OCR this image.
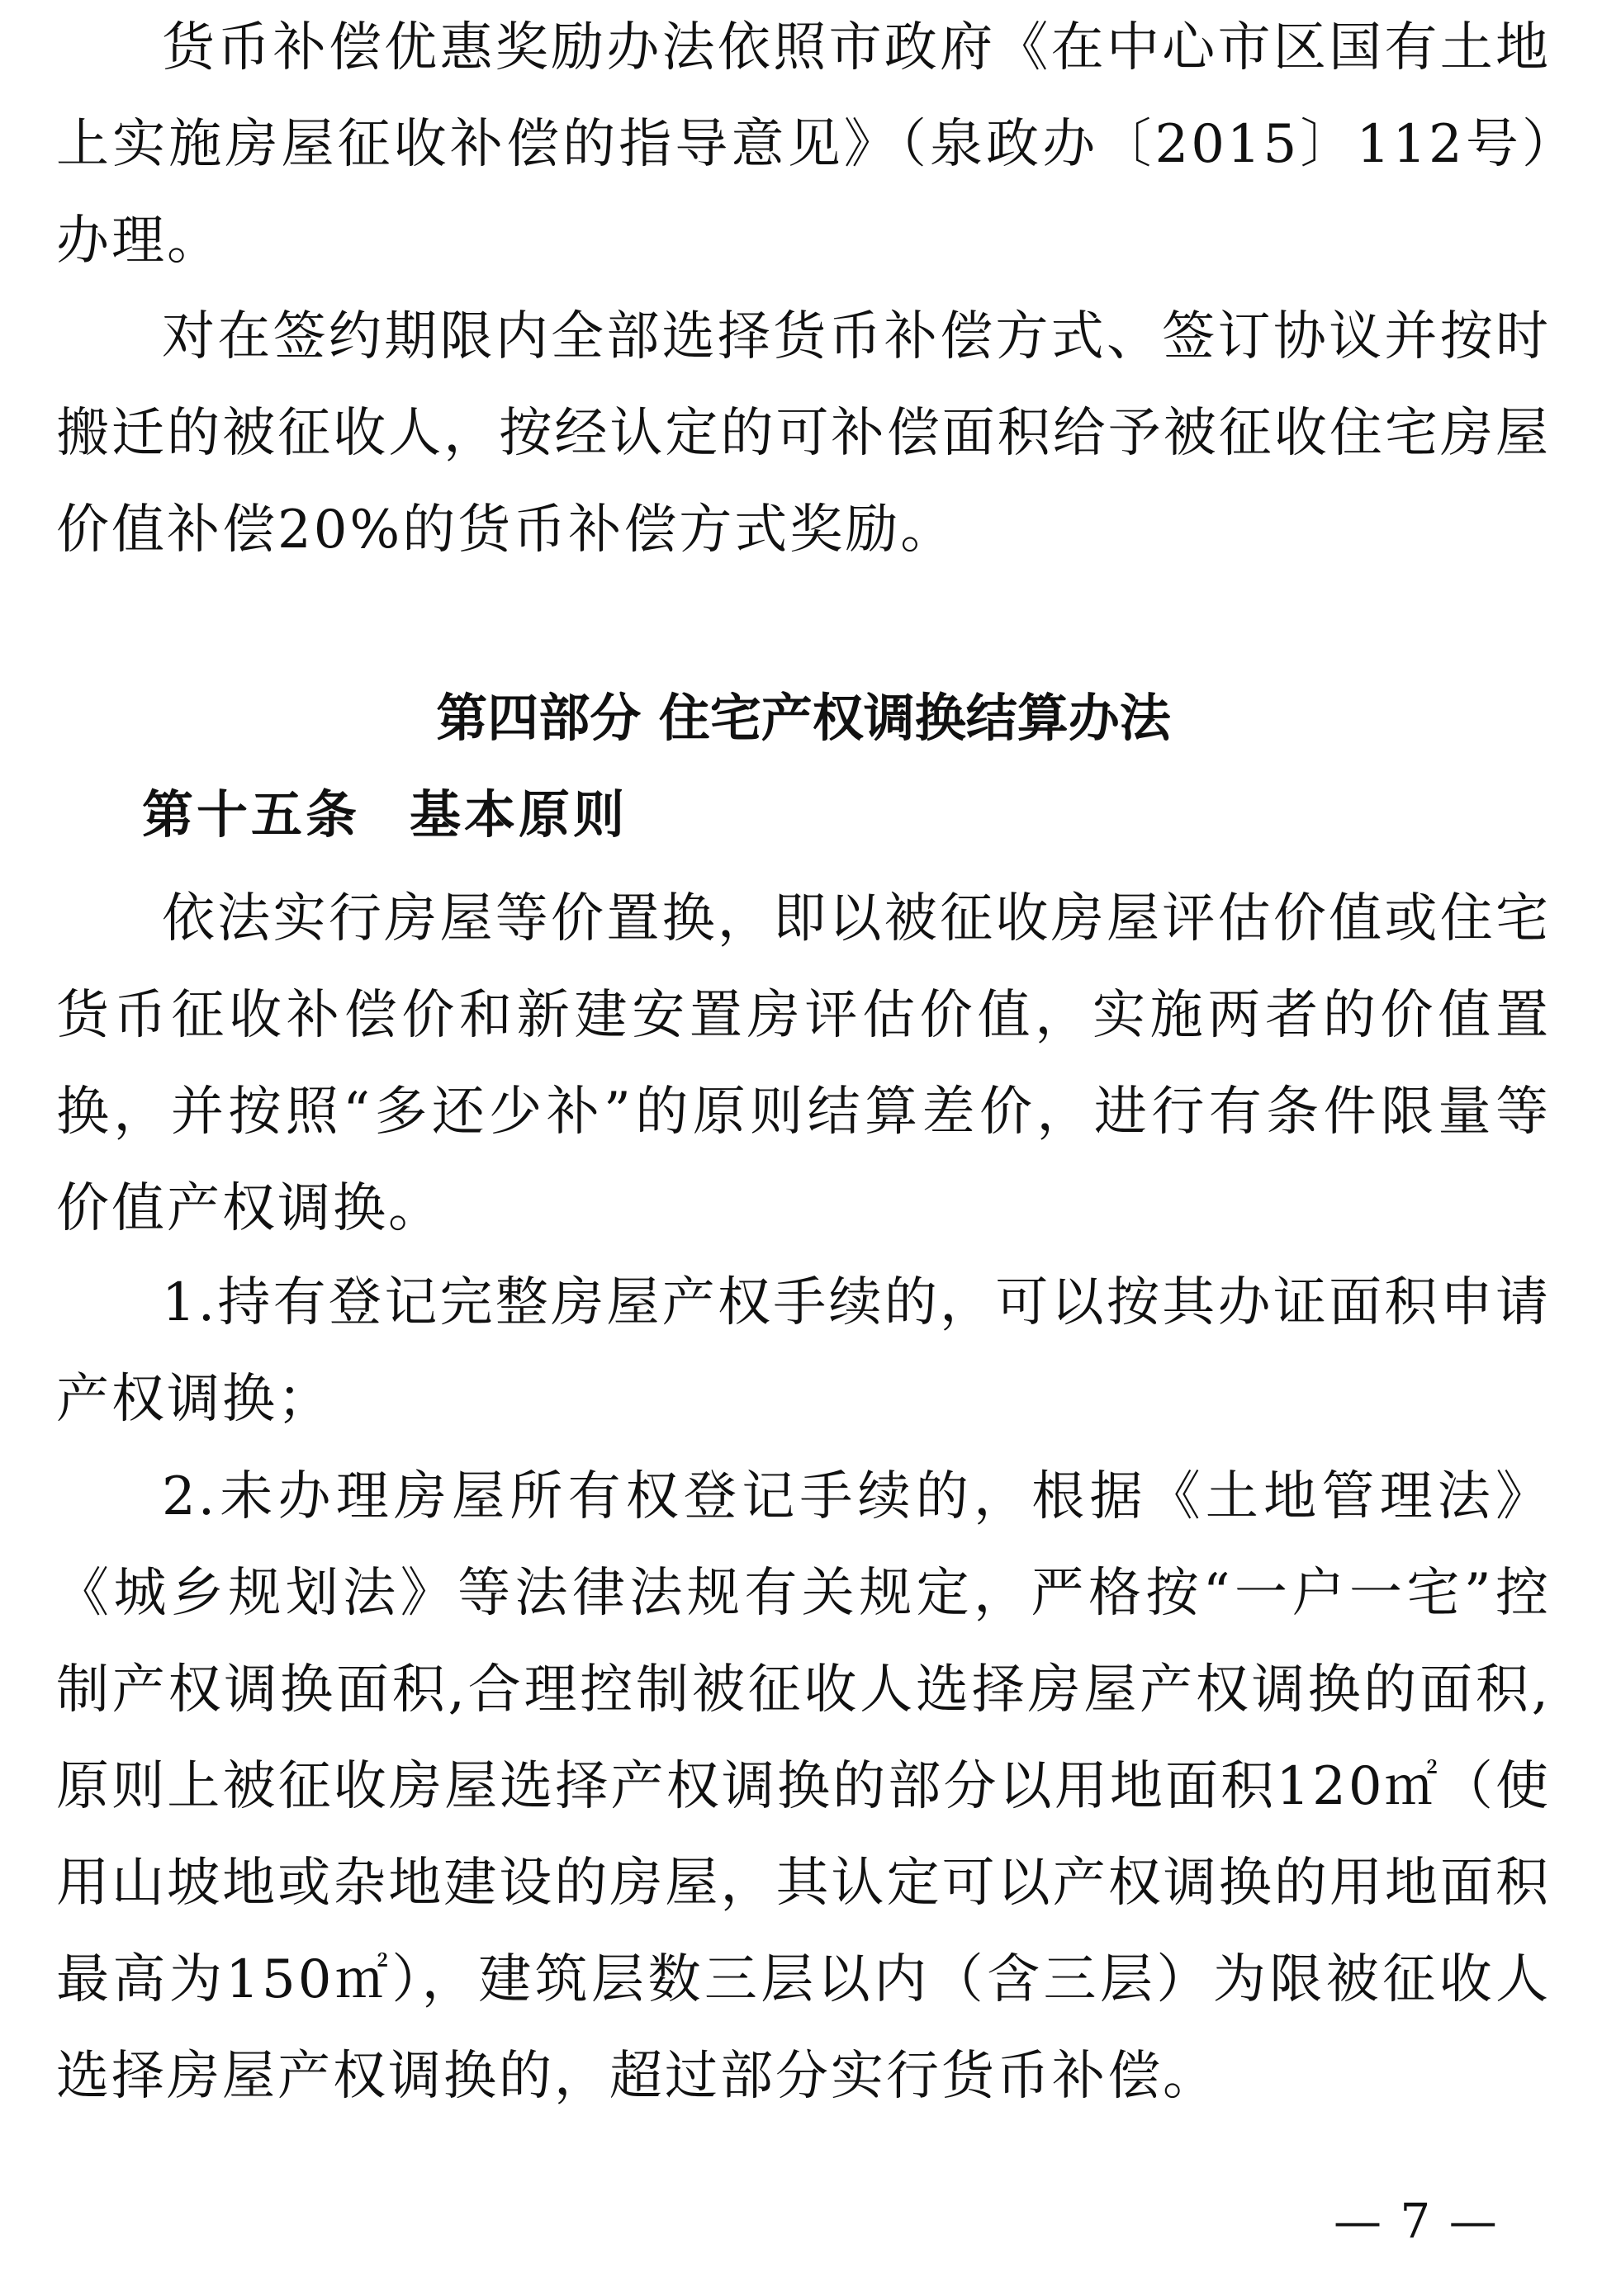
货币补偿优惠奖励办法依照市政府《在中心市区国有土地上实施房屋征收补偿的指导意见》（泉政办〔2015〕112号）办理。

对在签约期限内全部选择货币补偿方式、签订协议并按时搬迁的被征收人，按经认定的可补偿面积给予被征收住宅房屋价值补偿20%的货币补偿方式奖励。

第四部分 住宅产权调换结算办法
第十五条 基本原则

依法实行房屋等价置换，即以被征收房屋评估价值或住宅货币征收补偿价和新建安置房评估价值，实施两者的价值置换，并按照“多还少补”的原则结算差价，进行有条件限量等价值产权调换。

1.持有登记完整房屋产权手续的，可以按其办证面积申请产权调换；

2.未办理房屋所有权登记手续的，根据《土地管理法》《城乡规划法》等法律法规有关规定，严格按“一户一宅”控制产权调换面积,合理控制被征收人选择房屋产权调换的面积,原则上被征收房屋选择产权调换的部分以用地面积120㎡（使用山坡地或杂地建设的房屋，其认定可以产权调换的用地面积最高为150㎡），建筑层数三层以内（含三层）为限被征收人选择房屋产权调换的，超过部分实行货币补偿。

— 7 —
